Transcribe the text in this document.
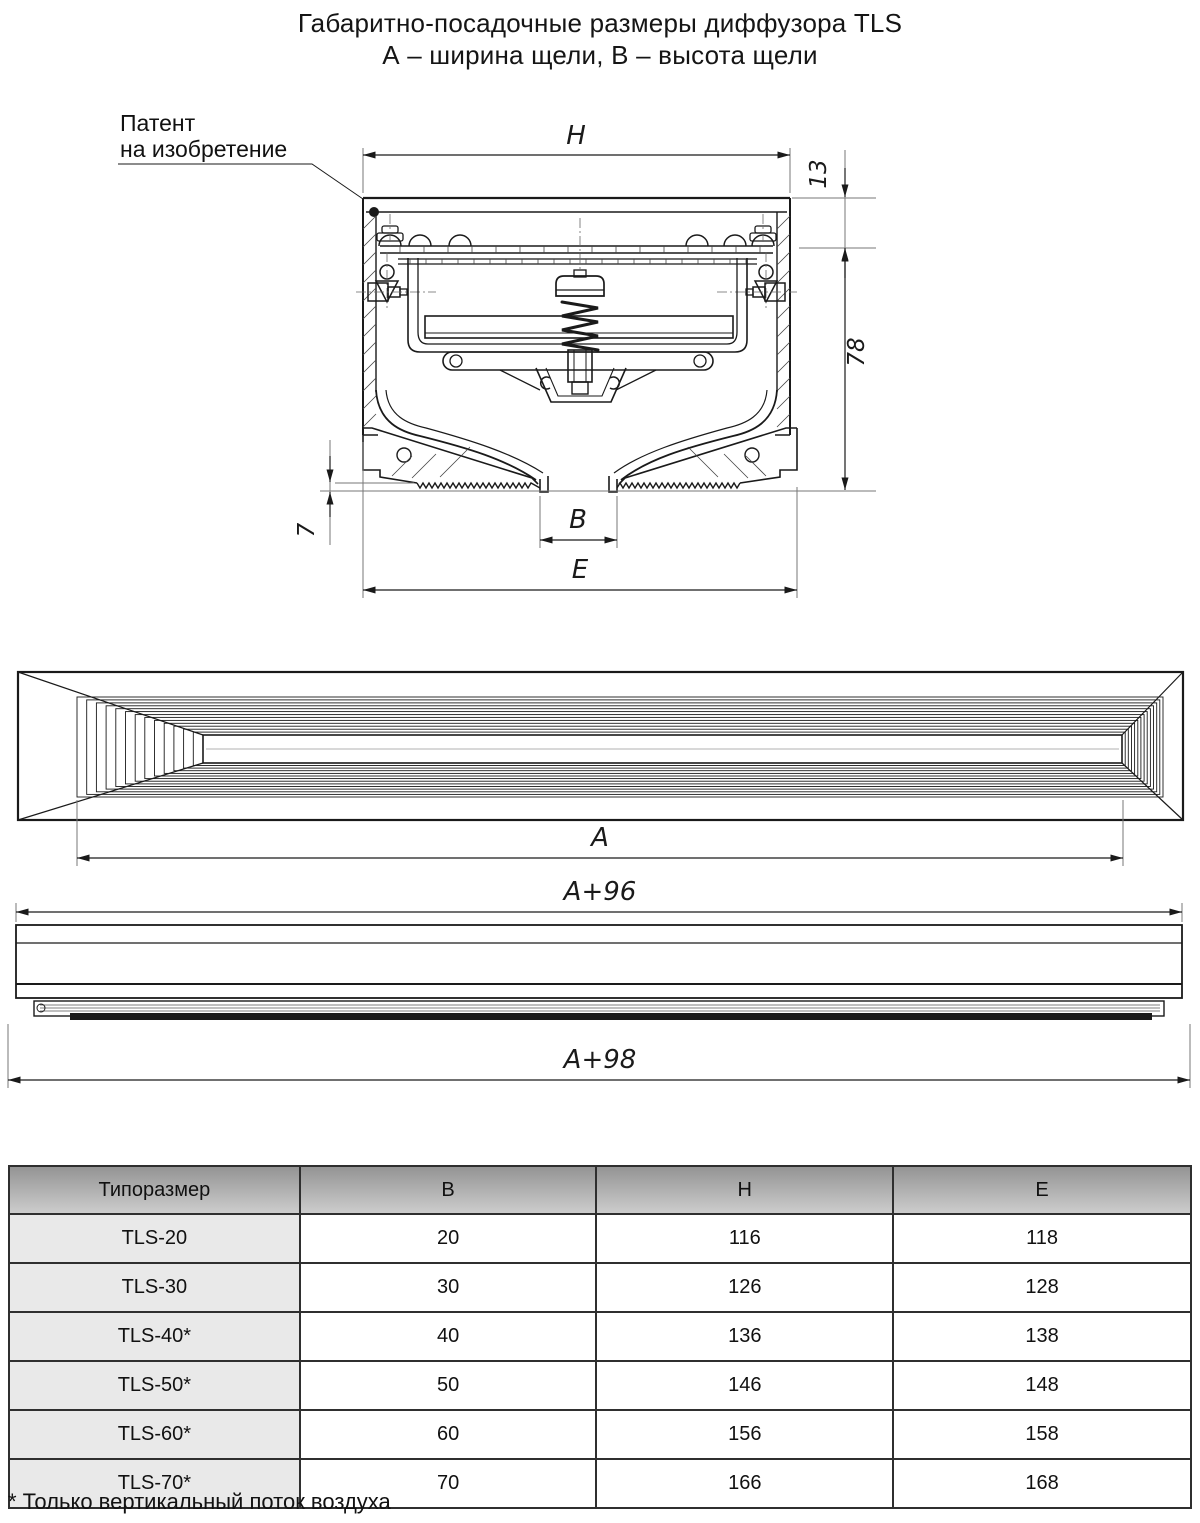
Габаритно-посадочные размеры диффузора TLS
А – ширина щели, В – высота щели
Патент
на изобретение	Н
13
78
7	В
Е
А
А+96
А+98
Типоразмер	В	Н	Е
TLS-20	20	116	118
TLS-30	30	126	128
TLS-40*	40	136	138
TLS-50*	50	146	148
TLS-60*	60	156	158
TLS-70*	70	166	168
* Только вертикальный поток воздуха
